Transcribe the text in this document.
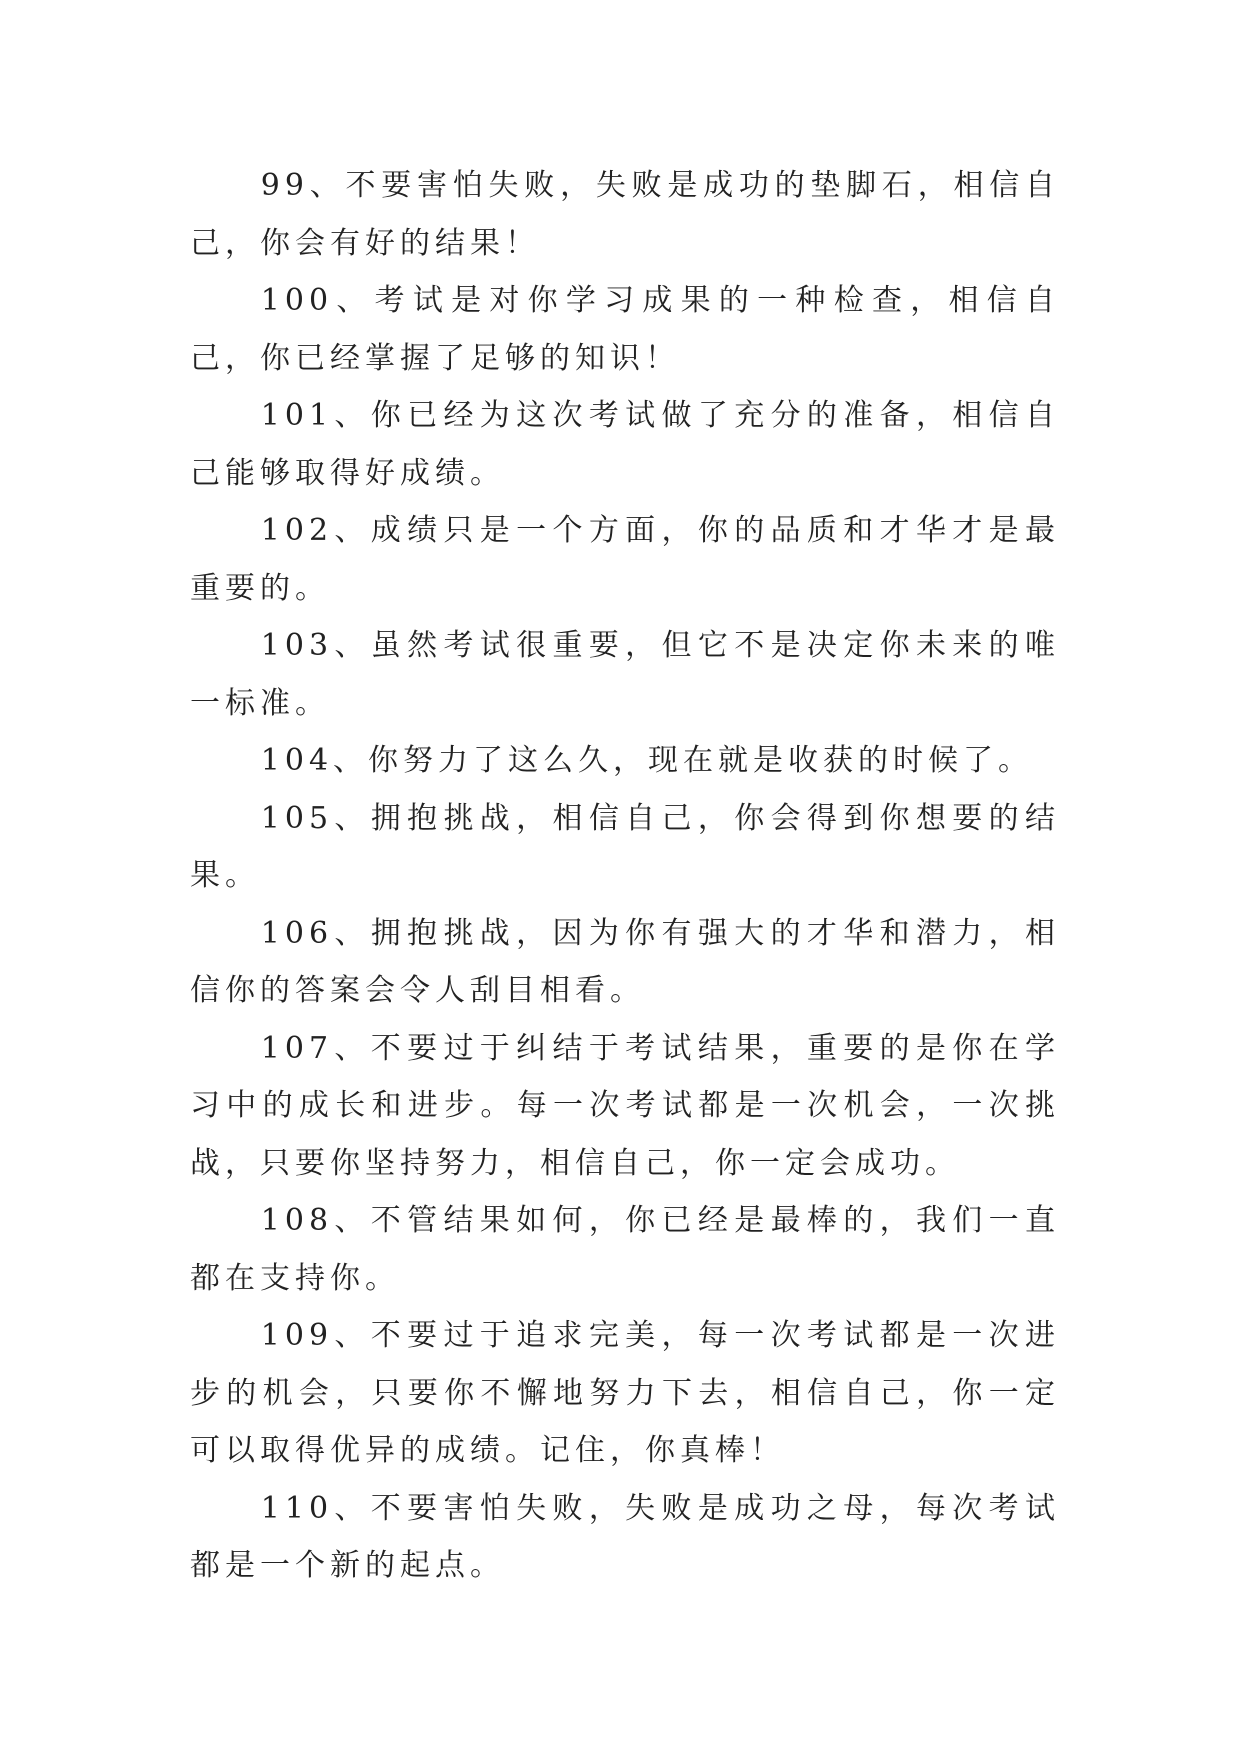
99、不要害怕失败，失败是成功的垫脚石，相信自己，你会有好的结果！

100、考试是对你学习成果的一种检查，相信自己，你已经掌握了足够的知识！

101、你已经为这次考试做了充分的准备，相信自己能够取得好成绩。

102、成绩只是一个方面，你的品质和才华才是最重要的。

103、虽然考试很重要，但它不是决定你未来的唯一标准。

104、你努力了这么久，现在就是收获的时候了。

105、拥抱挑战，相信自己，你会得到你想要的结果。

106、拥抱挑战，因为你有强大的才华和潜力，相信你的答案会令人刮目相看。

107、不要过于纠结于考试结果，重要的是你在学习中的成长和进步。每一次考试都是一次机会，一次挑战，只要你坚持努力，相信自己，你一定会成功。

108、不管结果如何，你已经是最棒的，我们一直都在支持你。

109、不要过于追求完美，每一次考试都是一次进步的机会，只要你不懈地努力下去，相信自己，你一定可以取得优异的成绩。记住，你真棒！

110、不要害怕失败，失败是成功之母，每次考试都是一个新的起点。
